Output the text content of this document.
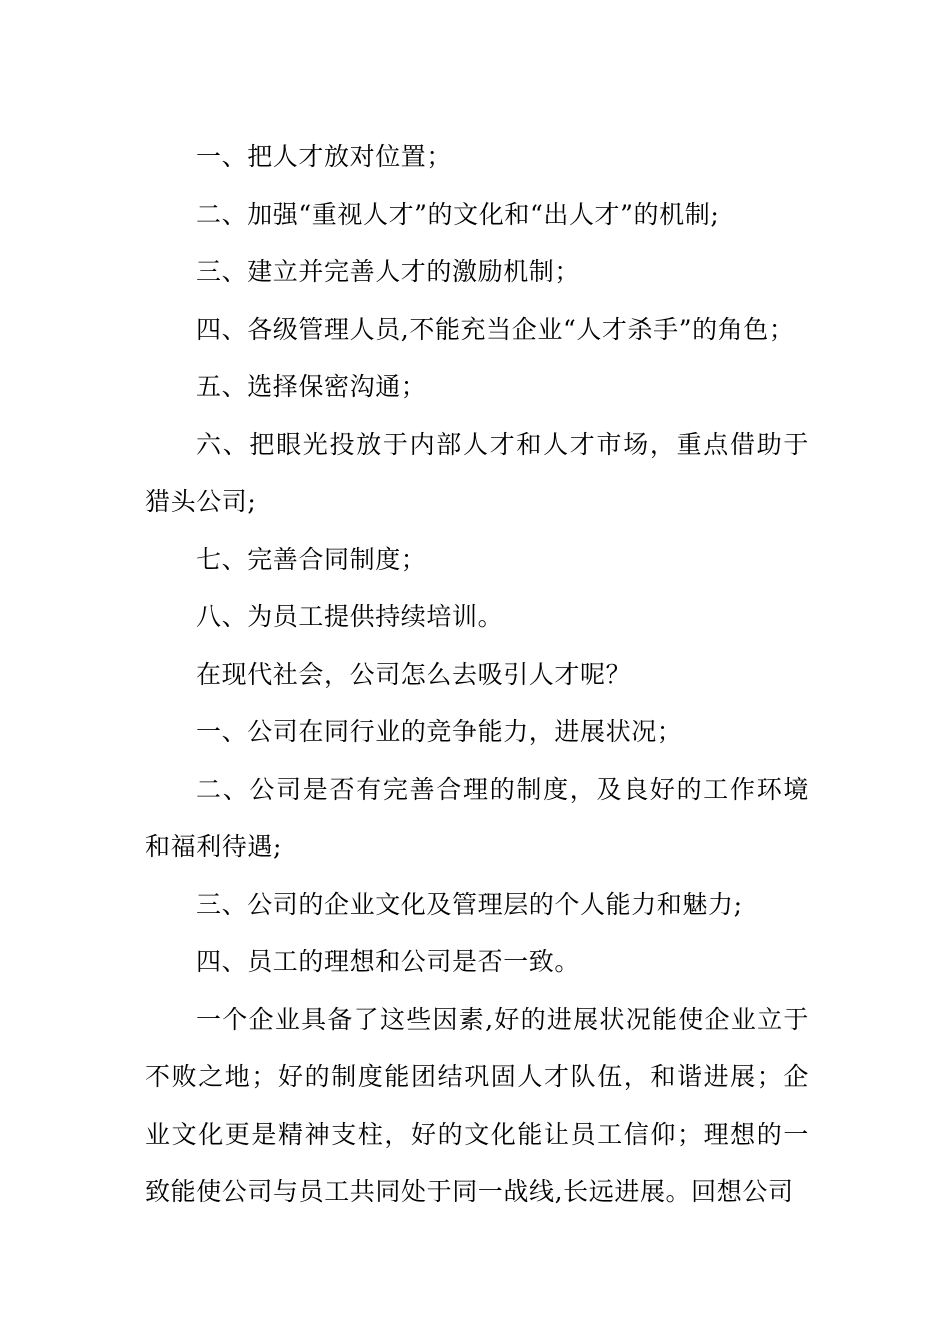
一、把人才放对位置；

二、加强“重视人才”的文化和“出人才”的机制;

三、建立并完善人才的激励机制；

四、各级管理人员,不能充当企业“人才杀手”的角色；

五、选择保密沟通；

六、把眼光投放于内部人才和人才市场，重点借助于猎头公司;

七、完善合同制度；

八、为员工提供持续培训。

在现代社会，公司怎么去吸引人才呢？

一、公司在同行业的竞争能力，进展状况；

二、公司是否有完善合理的制度，及良好的工作环境和福利待遇;

三、公司的企业文化及管理层的个人能力和魅力;

四、员工的理想和公司是否一致。

一个企业具备了这些因素,好的进展状况能使企业立于不败之地；好的制度能团结巩固人才队伍，和谐进展；企业文化更是精神支柱，好的文化能让员工信仰；理想的一致能使公司与员工共同处于同一战线,长远进展。回想公司
